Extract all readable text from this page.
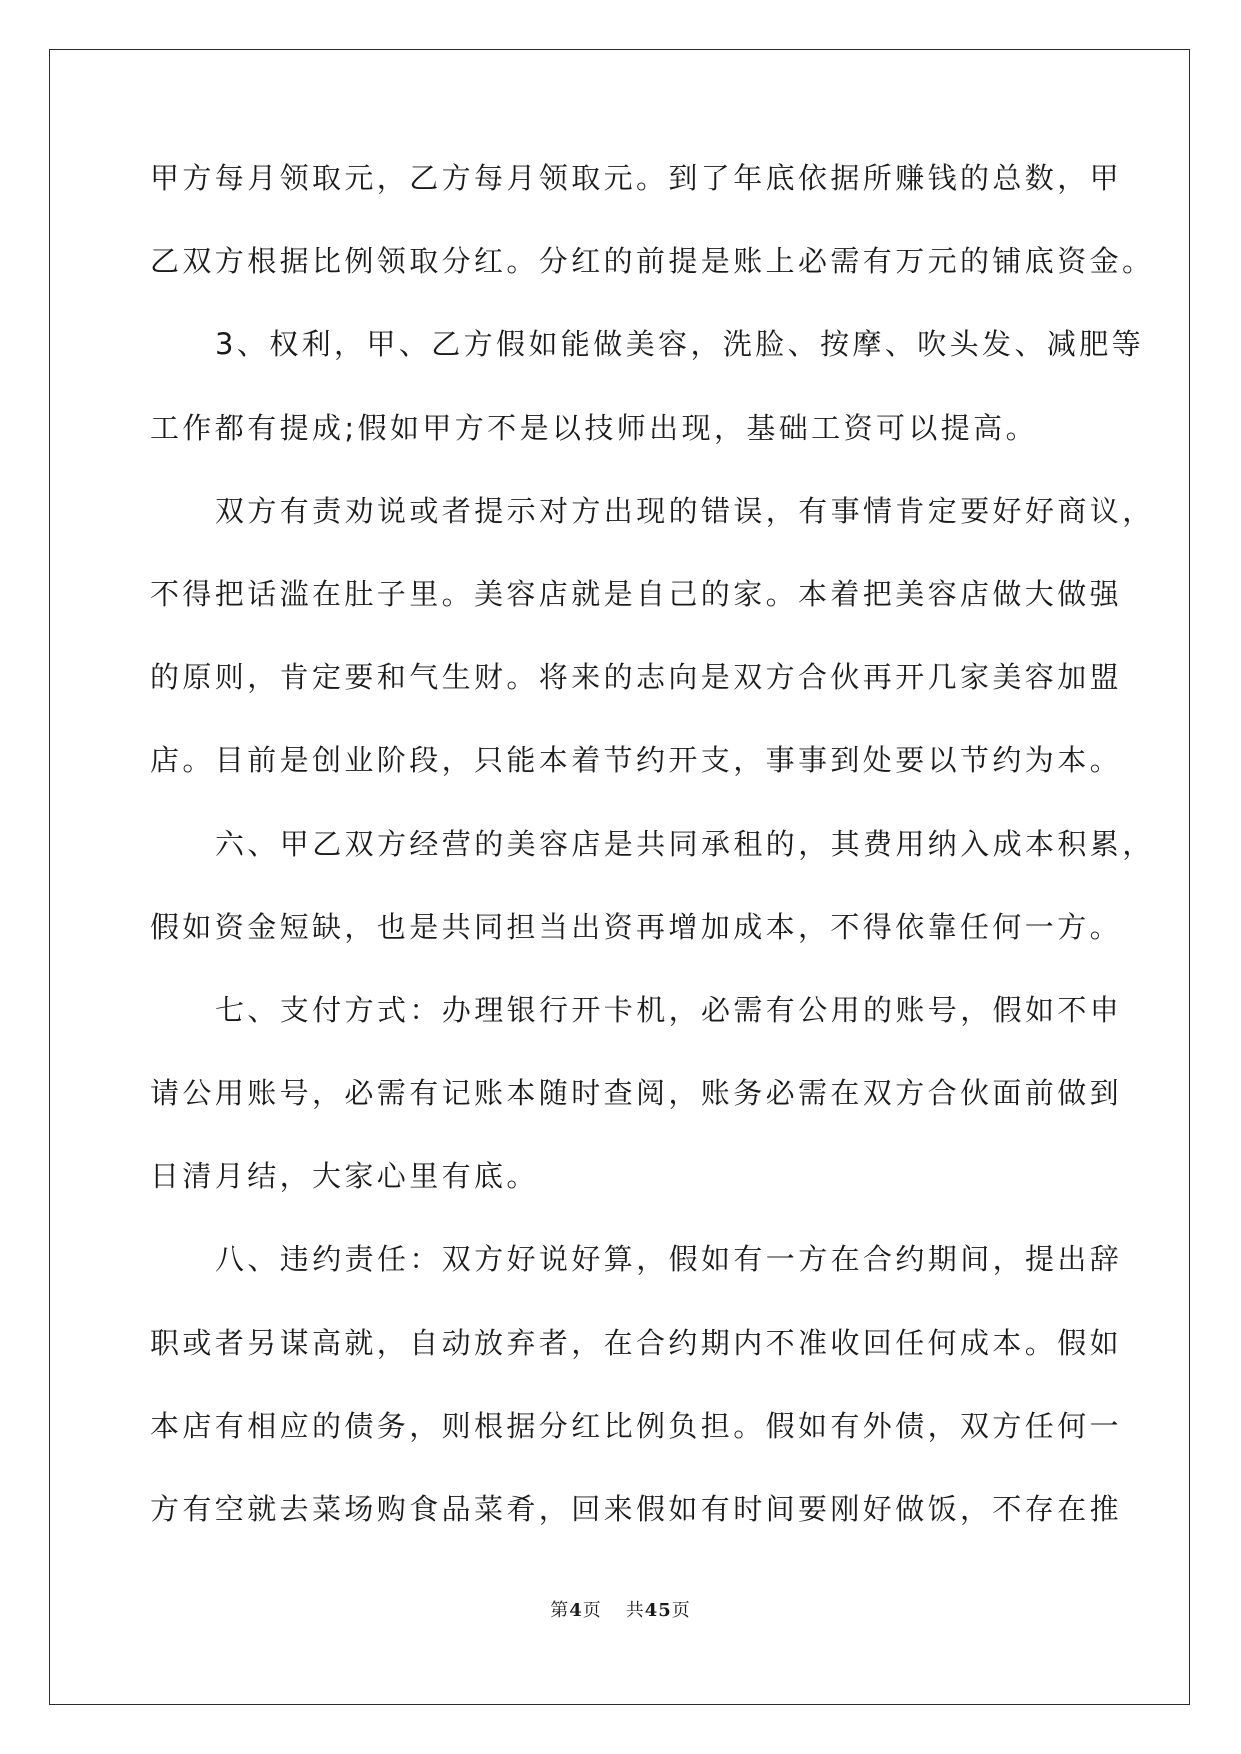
甲方每月领取元，乙方每月领取元。到了年底依据所赚钱的总数，甲
乙双方根据比例领取分红。分红的前提是账上必需有万元的铺底资金。
3、权利，甲、乙方假如能做美容，洗脸、按摩、吹头发、减肥等
工作都有提成;假如甲方不是以技师出现，基础工资可以提高。
双方有责劝说或者提示对方出现的错误，有事情肯定要好好商议，
不得把话滥在肚子里。美容店就是自己的家。本着把美容店做大做强
的原则，肯定要和气生财。将来的志向是双方合伙再开几家美容加盟
店。目前是创业阶段，只能本着节约开支，事事到处要以节约为本。
六、甲乙双方经营的美容店是共同承租的，其费用纳入成本积累，
假如资金短缺，也是共同担当出资再增加成本，不得依靠任何一方。
七、支付方式：办理银行开卡机，必需有公用的账号，假如不申
请公用账号，必需有记账本随时查阅，账务必需在双方合伙面前做到
日清月结，大家心里有底。
八、违约责任：双方好说好算，假如有一方在合约期间，提出辞
职或者另谋高就，自动放弃者，在合约期内不准收回任何成本。假如
本店有相应的债务，则根据分红比例负担。假如有外债，双方任何一
方有空就去菜场购食品菜肴，回来假如有时间要刚好做饭，不存在推
第4页 共45页
